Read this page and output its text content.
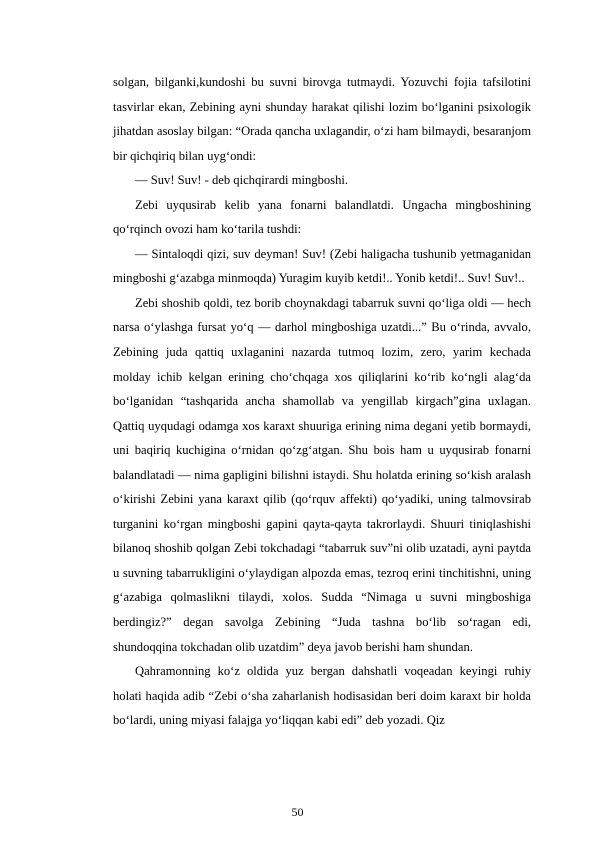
solgan, bilganki,kundoshi bu suvni birovga tutmaydi. Yozuvchi fojia tafsilotini tasvirlar ekan, Zebining ayni shunday harakat qilishi lozim bo‘lganini psixologik jihatdan asoslay bilgan: “Orada qancha uxlagandir, o‘zi ham bilmaydi, besaranjom bir qichqiriq bilan uyg‘ondi:

— Suv! Suv! - deb qichqirardi mingboshi.

Zebi uyqusirab kelib yana fonarni balandlatdi. Ungacha mingboshining qo‘rqinch ovozi ham ko‘tarila tushdi:

— Sintaloqdi qizi, suv deyman! Suv! (Zebi haligacha tushunib yetmaganidan mingboshi g‘azabga minmoqda) Yuragim kuyib ketdi!.. Yonib ketdi!.. Suv! Suv!..

Zebi shoshib qoldi, tez borib choynakdagi tabarruk suvni qo‘liga oldi — hech narsa o‘ylashga fursat yo‘q — darhol mingboshiga uzatdi...” Bu o‘rinda, avvalo, Zebining juda qattiq uxlaganini nazarda tutmoq lozim, zero, yarim kechada molday ichib kelgan erining cho‘chqaga xos qiliqlarini ko‘rib ko‘ngli alag‘da bo‘lganidan “tashqarida ancha shamollab va yengillab kirgach”gina uxlagan. Qattiq uyqudagi odamga xos karaxt shuuriga erining nima degani yetib bormaydi, uni baqiriq kuchigina o‘rnidan qo‘zg‘atgan. Shu bois ham u uyqusirab fonarni balandlatadi — nima gapligini bilishni istaydi. Shu holatda erining so‘kish aralash o‘kirishi Zebini yana karaxt qilib (qo‘rquv affekti) qo‘yadiki, uning talmovsirab turganini ko‘rgan mingboshi gapini qayta-qayta takrorlaydi. Shuuri tiniqlashishi bilanoq shoshib qolgan Zebi tokchadagi “tabarruk suv”ni olib uzatadi, ayni paytda u suvning tabarrukligini o‘ylaydigan alpozda emas, tezroq erini tinchitishni, uning g‘azabiga qolmaslikni tilaydi, xolos. Sudda “Nimaga u suvni mingboshiga berdingiz?” degan savolga Zebining “Juda tashna bo‘lib so‘ragan edi, shundoqqina tokchadan olib uzatdim” deya javob berishi ham shundan.

Qahramonning ko‘z oldida yuz bergan dahshatli voqeadan keyingi ruhiy holati haqida adib “Zebi o‘sha zaharlanish hodisasidan beri doim karaxt bir holda bo‘lardi, uning miyasi falajga yo‘liqqan kabi edi” deb yozadi. Qiz

50
